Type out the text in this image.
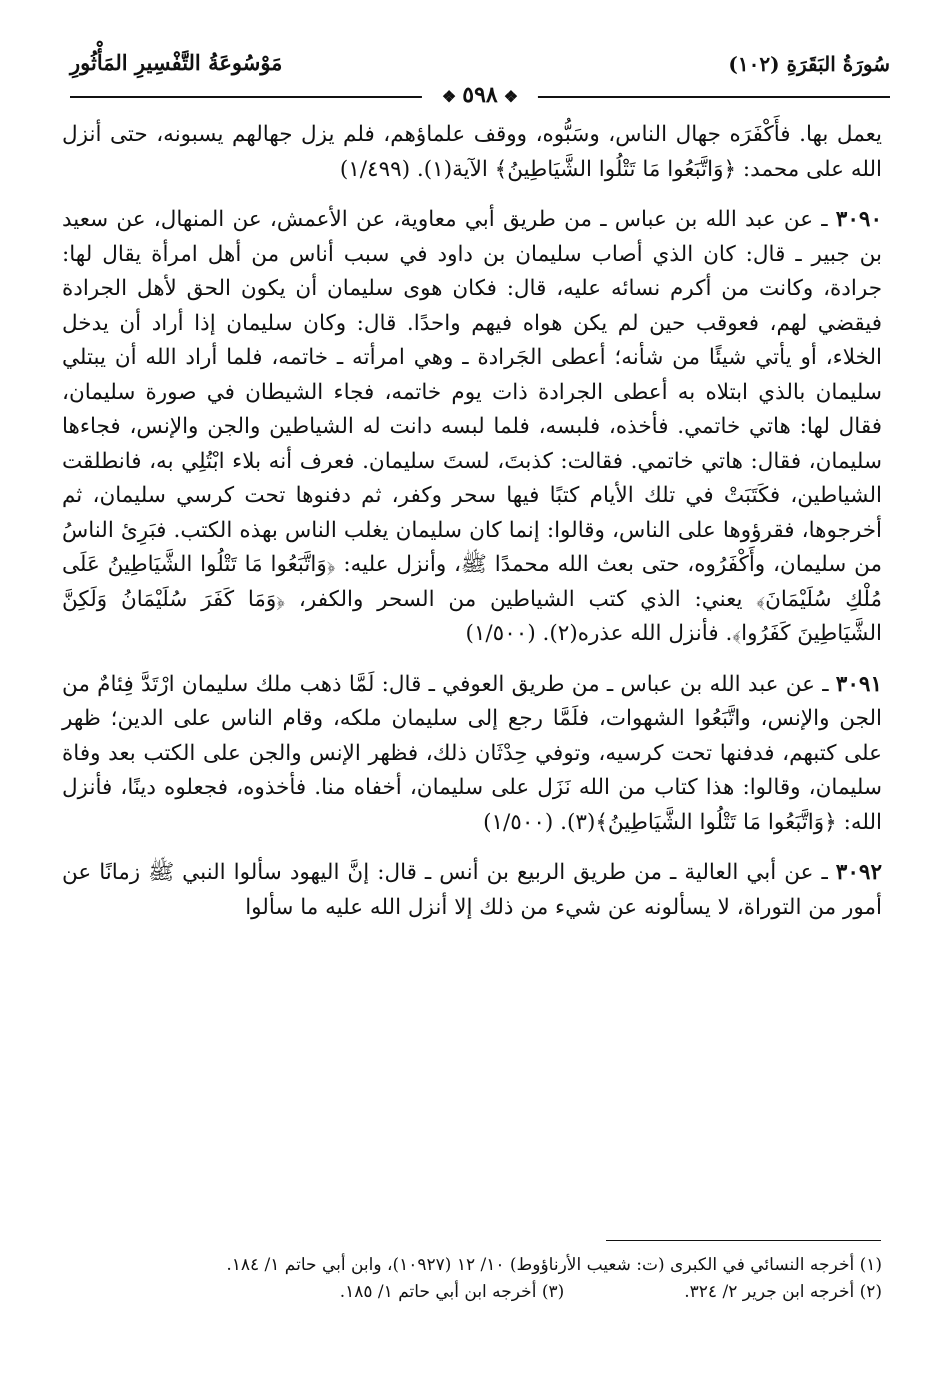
سُورَةُ البَقَرَةِ (١٠٢)
مَوْسُوعَةُ التَّفْسِيرِ المَأْثُورِ
❖٥٩٨❖

يعمل بها. فأَكْفَرَه جهال الناس، وسَبُّوه، ووقف علماؤهم، فلم يزل جهالهم يسبونه، حتى أنزل الله على محمد: ﴿وَاتَّبَعُوا مَا تَتْلُوا الشَّيَاطِينُ﴾ الآية(١). (١/٤٩٩)

٣٠٩٠ ـ عن عبد الله بن عباس ـ من طريق أبي معاوية، عن الأعمش، عن المنهال، عن سعيد بن جبير ـ قال: كان الذي أصاب سليمان بن داود في سبب أناس من أهل امرأة يقال لها: جرادة، وكانت من أكرم نسائه عليه، قال: فكان هوى سليمان أن يكون الحق لأهل الجرادة فيقضي لهم، فعوقب حين لم يكن هواه فيهم واحدًا. قال: وكان سليمان إذا أراد أن يدخل الخلاء، أو يأتي شيئًا من شأنه؛ أعطى الجَرادة ـ وهي امرأته ـ خاتمه، فلما أراد الله أن يبتلي سليمان بالذي ابتلاه به أعطى الجرادة ذات يوم خاتمه، فجاء الشيطان في صورة سليمان، فقال لها: هاتي خاتمي. فأخذه، فلبسه، فلما لبسه دانت له الشياطين والجن والإنس، فجاءها سليمان، فقال: هاتي خاتمي. فقالت: كذبتَ، لستَ سليمان. فعرف أنه بلاء ابْتُلِي به، فانطلقت الشياطين، فكَتَبَتْ في تلك الأيام كتبًا فيها سحر وكفر، ثم دفنوها تحت كرسي سليمان، ثم أخرجوها، فقرؤوها على الناس، وقالوا: إنما كان سليمان يغلب الناس بهذه الكتب. فبَرِئ الناسُ من سليمان، وأَكْفَرُوه، حتى بعث الله محمدًا ﷺ، وأنزل عليه: ﴿وَاتَّبَعُوا مَا تَتْلُوا الشَّيَاطِينُ عَلَى مُلْكِ سُلَيْمَانَ﴾ يعني: الذي كتب الشياطين من السحر والكفر، ﴿وَمَا كَفَرَ سُلَيْمَانُ وَلَكِنَّ الشَّيَاطِينَ كَفَرُوا﴾. فأنزل الله عذره(٢). (١/٥٠٠)

٣٠٩١ ـ عن عبد الله بن عباس ـ من طريق العوفي ـ قال: لَمَّا ذهب ملك سليمان ارْتَدَّ فِئامٌ من الجن والإنس، واتَّبَعُوا الشهوات، فلَمَّا رجع إلى سليمان ملكه، وقام الناس على الدين؛ ظهر على كتبهم، فدفنها تحت كرسيه، وتوفي حِدْثَان ذلك، فظهر الإنس والجن على الكتب بعد وفاة سليمان، وقالوا: هذا كتاب من الله نَزَل على سليمان، أخفاه منا. فأخذوه، فجعلوه دينًا، فأنزل الله: ﴿وَاتَّبَعُوا مَا تَتْلُوا الشَّيَاطِينُ﴾(٣). (١/٥٠٠)

٣٠٩٢ ـ عن أبي العالية ـ من طريق الربيع بن أنس ـ قال: إنَّ اليهود سألوا النبي ﷺ زمانًا عن أمور من التوراة، لا يسألونه عن شيء من ذلك إلا أنزل الله عليه ما سألوا

(١) أخرجه النسائي في الكبرى (ت: شعيب الأرناؤوط) ١٠/ ١٢ (١٠٩٢٧)، وابن أبي حاتم ١/ ١٨٤.
(٢) أخرجه ابن جرير ٢/ ٣٢٤.(٣) أخرجه ابن أبي حاتم ١/ ١٨٥.
